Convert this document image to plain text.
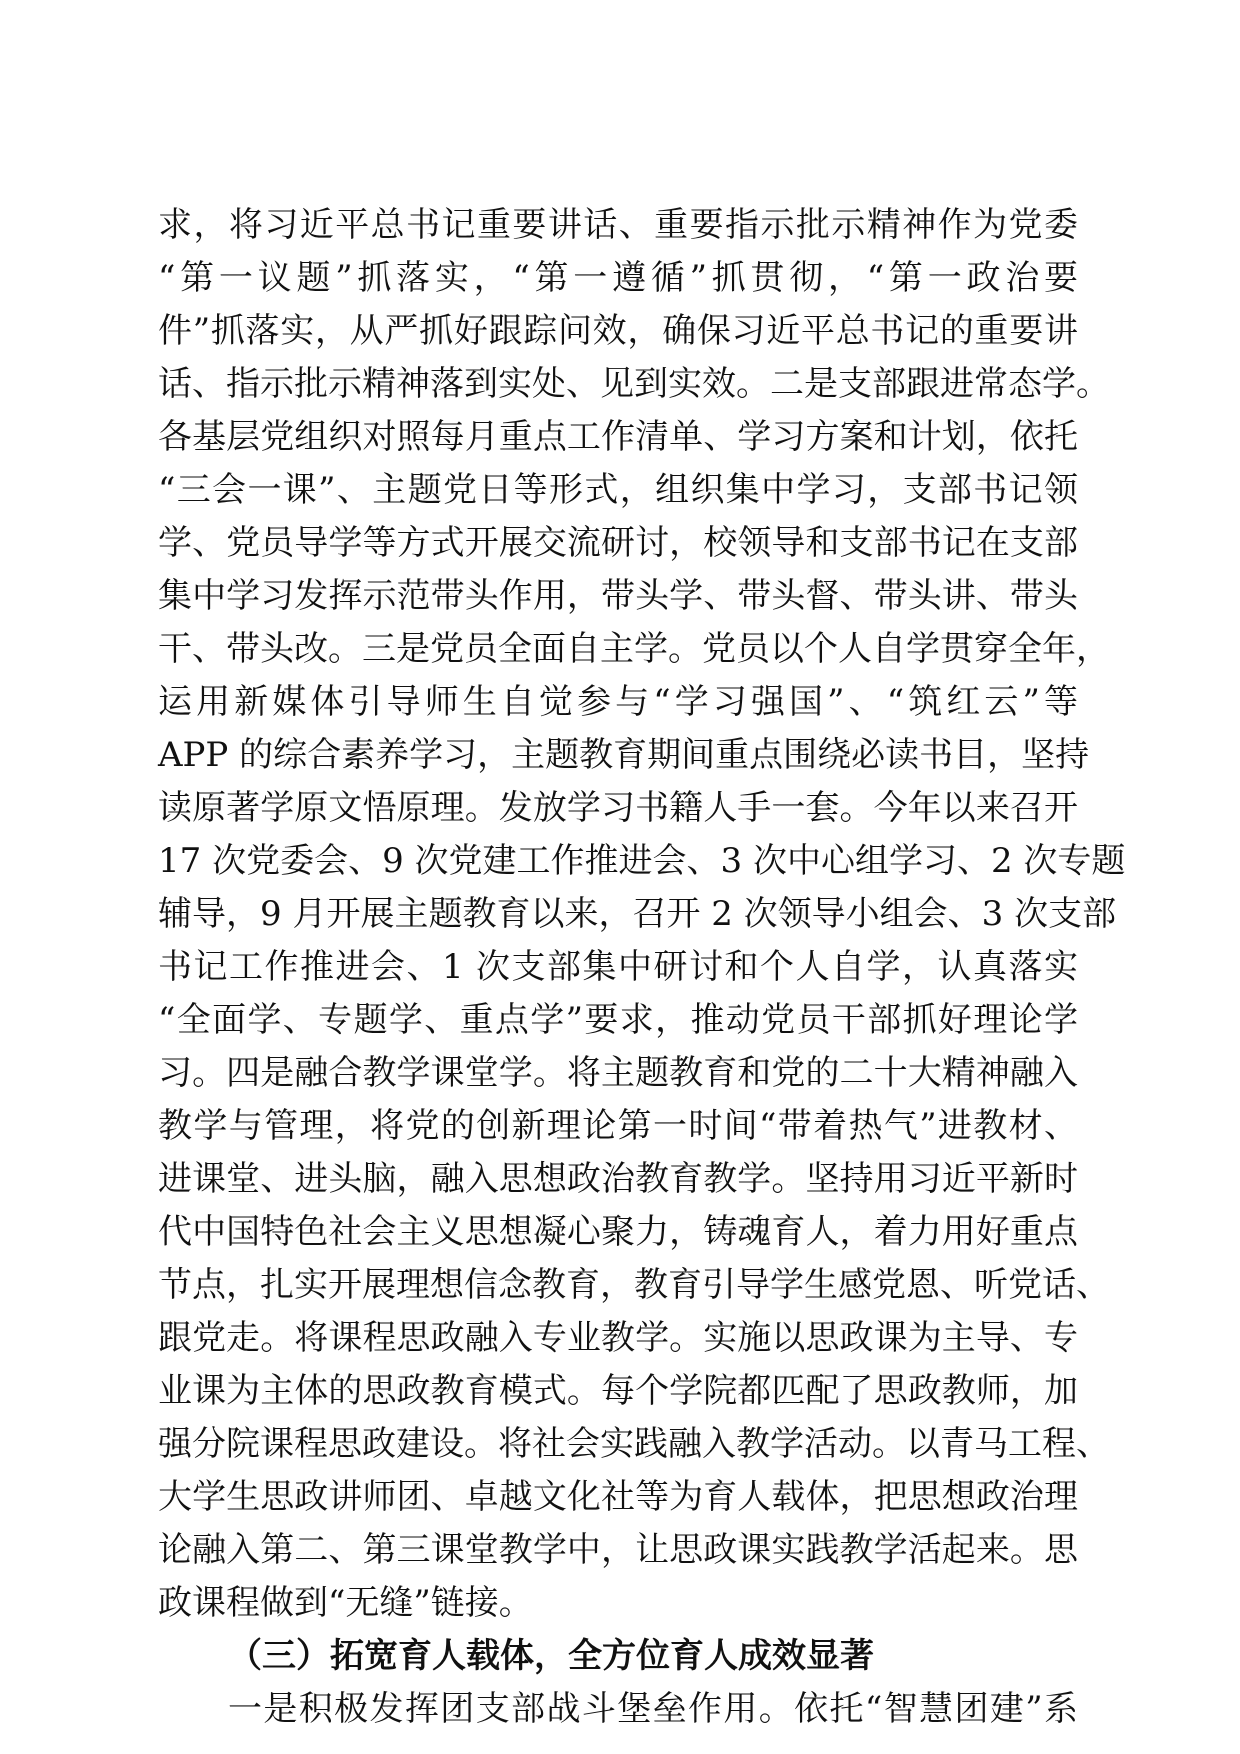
求，将习近平总书记重要讲话、重要指示批示精神作为党委
“第一议题”抓落实，“第一遵循”抓贯彻，“第一政治要
件”抓落实，从严抓好跟踪问效，确保习近平总书记的重要讲
话、指示批示精神落到实处、见到实效。二是支部跟进常态学。
各基层党组织对照每月重点工作清单、学习方案和计划，依托
“三会一课”、主题党日等形式，组织集中学习，支部书记领
学、党员导学等方式开展交流研讨，校领导和支部书记在支部
集中学习发挥示范带头作用，带头学、带头督、带头讲、带头
干、带头改。三是党员全面自主学。党员以个人自学贯穿全年，
运用新媒体引导师生自觉参与“学习强国”、“筑红云”等
APP 的综合素养学习，主题教育期间重点围绕必读书目，坚持
读原著学原文悟原理。发放学习书籍人手一套。今年以来召开
17 次党委会、9 次党建工作推进会、3 次中心组学习、2 次专题
辅导，9 月开展主题教育以来，召开 2 次领导小组会、3 次支部
书记工作推进会、1 次支部集中研讨和个人自学，认真落实
“全面学、专题学、重点学”要求，推动党员干部抓好理论学
习。四是融合教学课堂学。将主题教育和党的二十大精神融入
教学与管理，将党的创新理论第一时间“带着热气”进教材、
进课堂、进头脑，融入思想政治教育教学。坚持用习近平新时
代中国特色社会主义思想凝心聚力，铸魂育人，着力用好重点
节点，扎实开展理想信念教育，教育引导学生感党恩、听党话、
跟党走。将课程思政融入专业教学。实施以思政课为主导、专
业课为主体的思政教育模式。每个学院都匹配了思政教师，加
强分院课程思政建设。将社会实践融入教学活动。以青马工程、
大学生思政讲师团、卓越文化社等为育人载体，把思想政治理
论融入第二、第三课堂教学中，让思政课实践教学活起来。思
政课程做到“无缝”链接。
（三）拓宽育人载体，全方位育人成效显著
一是积极发挥团支部战斗堡垒作用。依托“智慧团建”系
